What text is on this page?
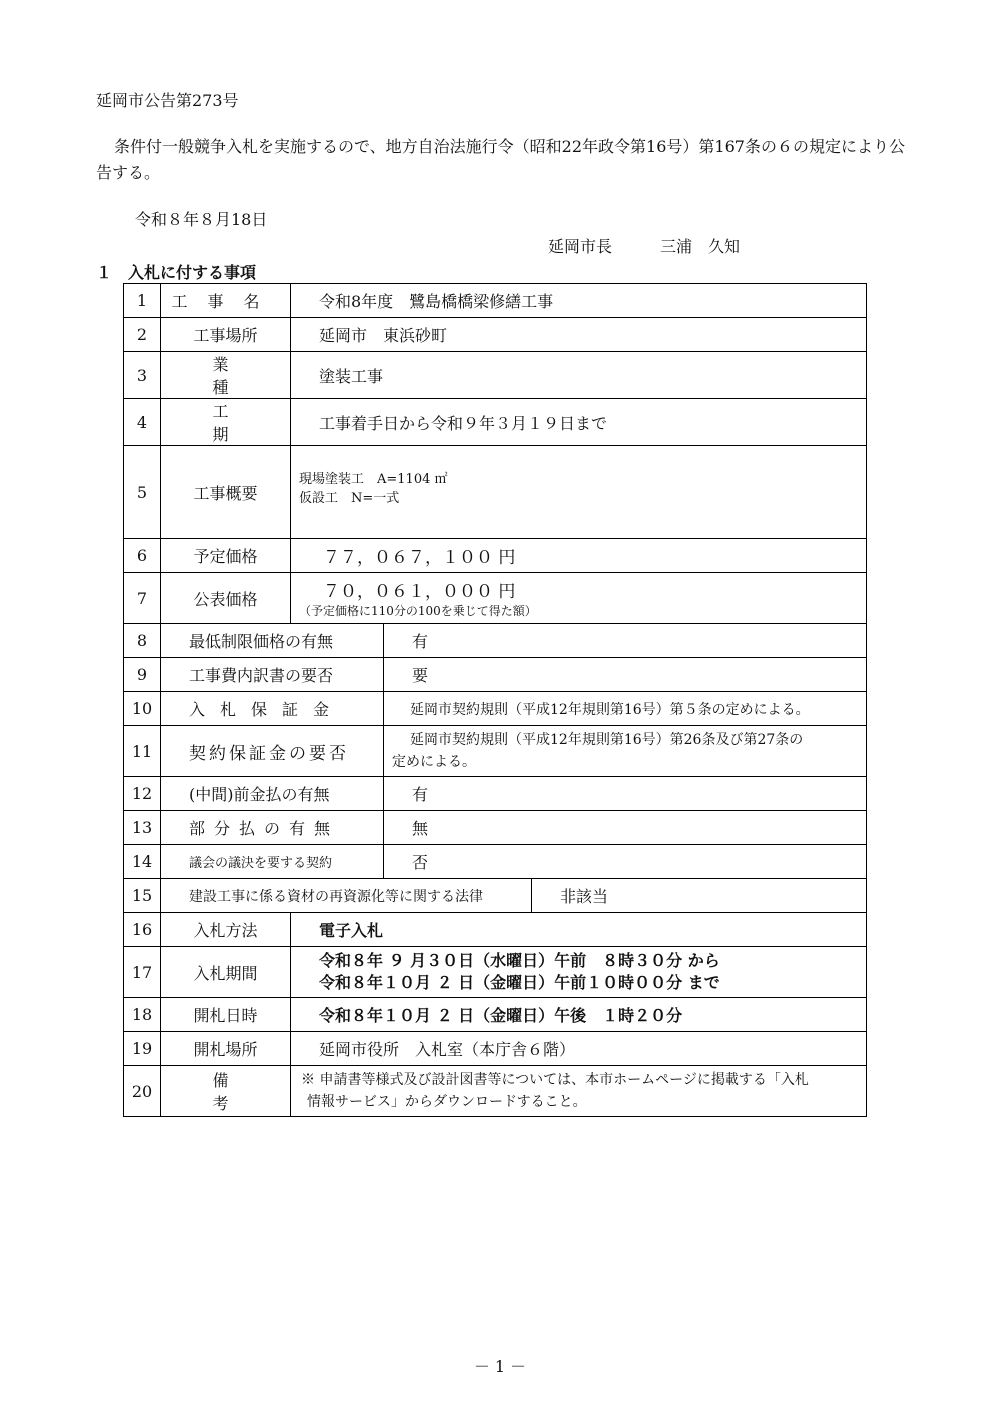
延岡市公告第273号
条件付一般競争入札を実施するので、地方自治法施行令（昭和22年政令第16号）第167条の６の規定により公告する。
令和８年８月18日
延岡市長	三浦　久知
１　入札に付する事項
1	工事名	令和8年度　鷺島橋橋梁修繕工事		
2	工事場所	延岡市　東浜砂町		
3	業種	塗装工事		
4	工期	工事着手日から令和９年３月１９日まで		
5	工事概要	現場塗装工　A=1104 ㎡
仮設工　N=一式		

6	予定価格	７７，０６７，１００ 円		
7	公表価格	７０，０６１，０００ 円
（予定価格に110分の100を乗じて得た額）		

8	最低制限価格の有無		有	
9	工事費内訳書の要否		要	
10	入札保証金		延岡市契約規則（平成12年規則第16号）第５条の定めによる。	
11	契約保証金の要否		延岡市契約規則（平成12年規則第16号）第26条及び第27条の
定めによる。	

12	(中間)前金払の有無		有	
13	部分払の有無		無	
14	議会の議決を要する契約		否	
15	建設工事に係る資材の再資源化等に関する法律			非該当
16	入札方法	電子入札		
17	入札期間	令和８年 ９ 月３０日（水曜日）午前　８時３０分 から
令和８年１０月 ２ 日（金曜日）午前１０時００分 まで		

18	開札日時	令和８年１０月 ２ 日（金曜日）午後　１時２０分		
19	開札場所	延岡市役所　入札室（本庁舎６階）		
20	備考	※ 申請書等様式及び設計図書等については、本市ホームページに掲載する「入札
情報サービス」からダウンロードすること。		
－ 1 －
